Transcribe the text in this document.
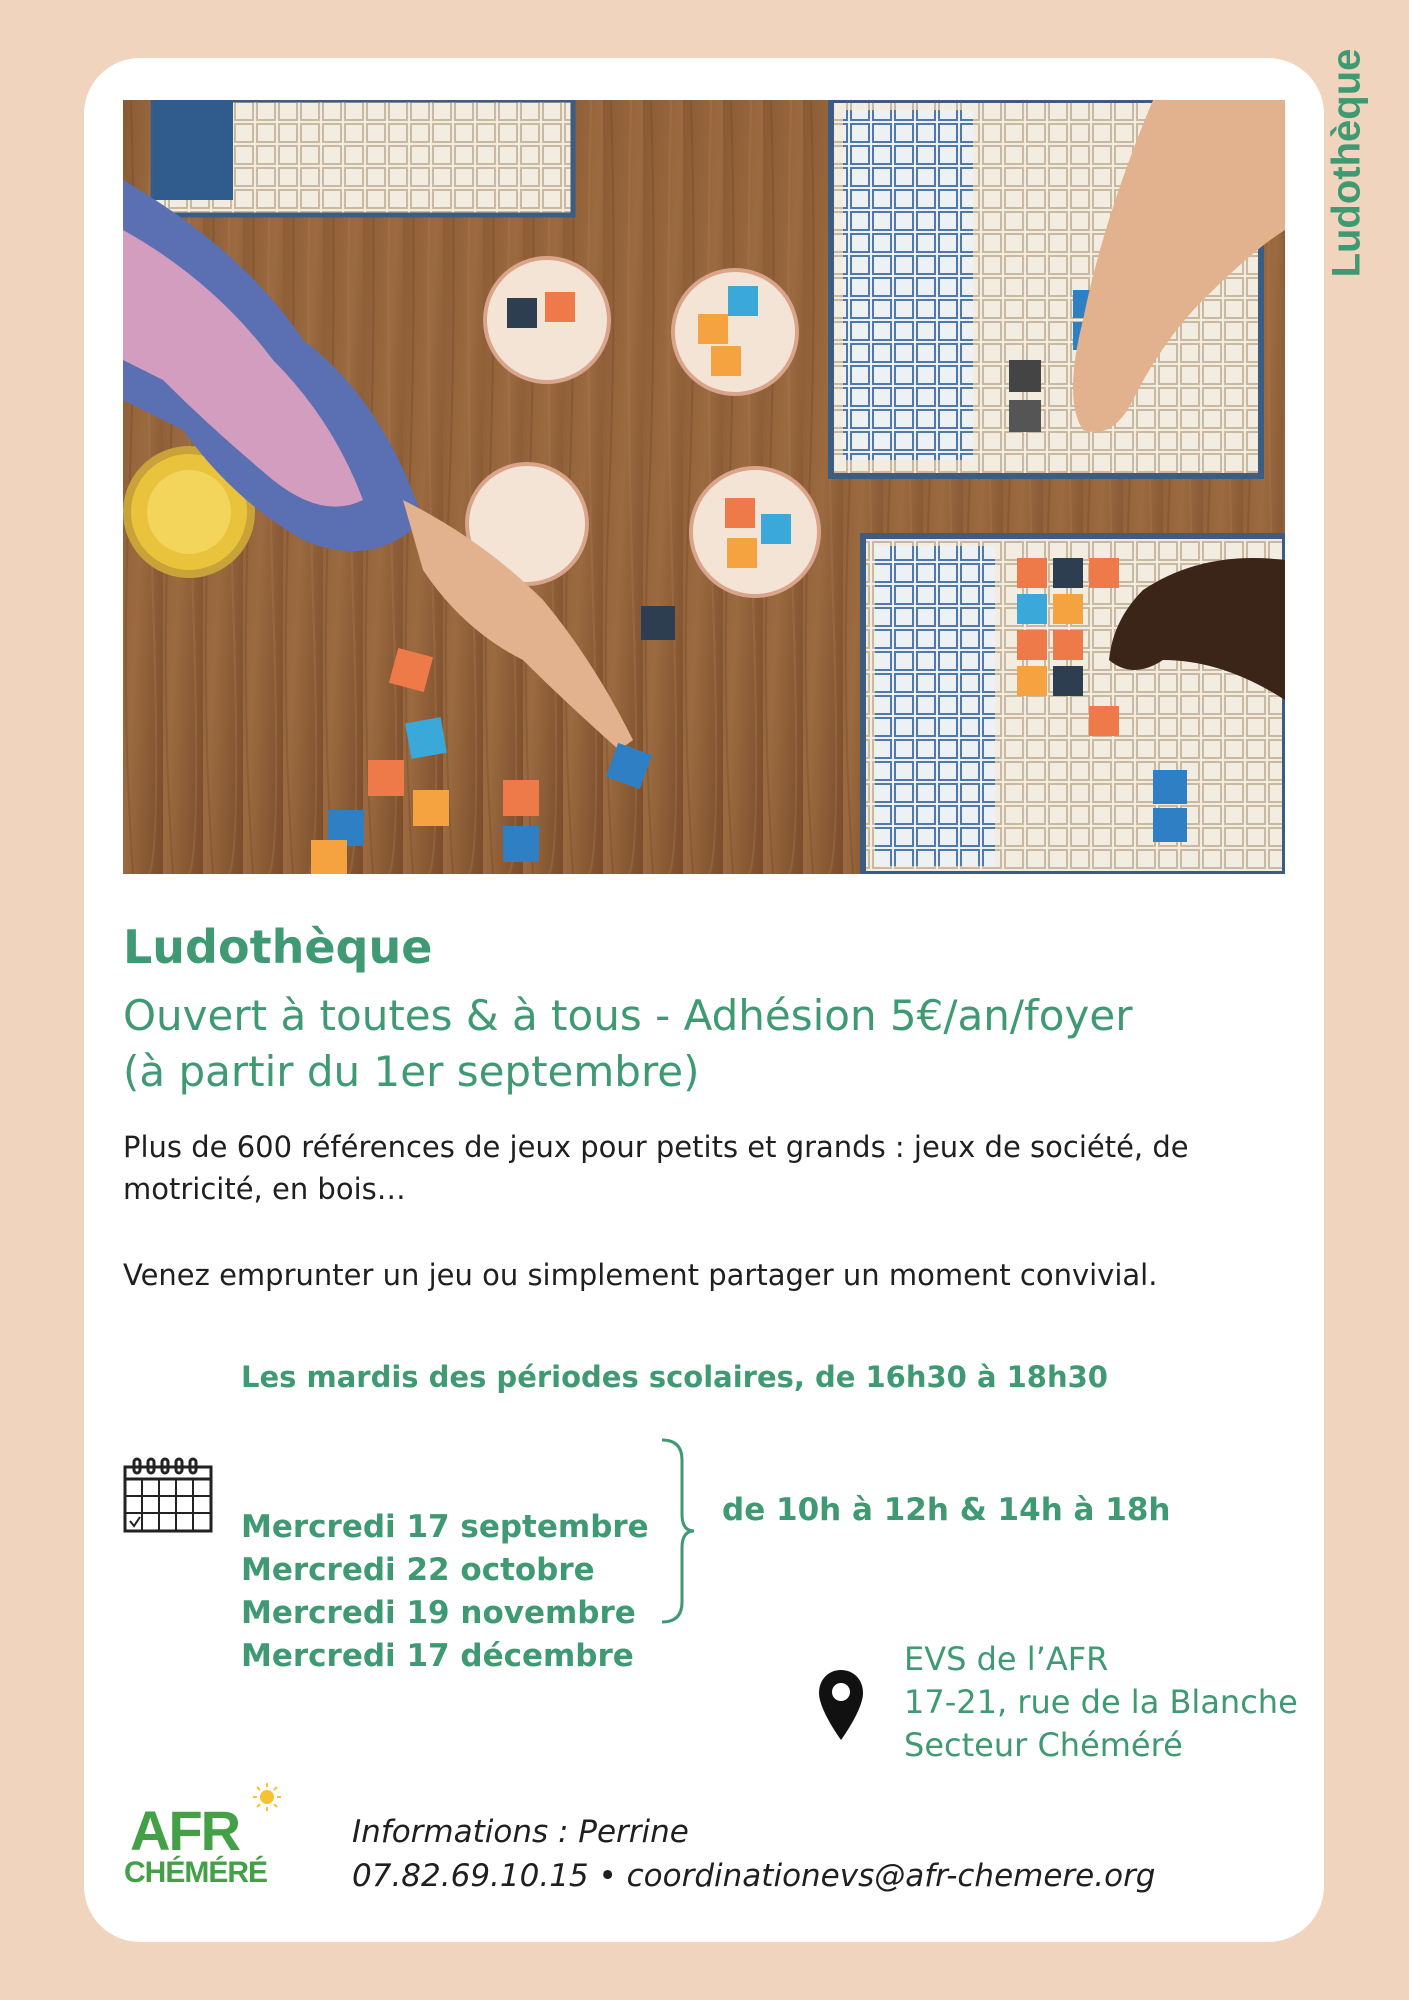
Ludothèque
Ludothèque
Ouvert à toutes & à tous - Adhésion 5€/an/foyer
(à partir du 1er septembre)
Plus de 600 références de jeux pour petits et grands : jeux de société, de motricité, en bois…
Venez emprunter un jeu ou simplement partager un moment convivial.
Les mardis des périodes scolaires, de 16h30 à 18h30
Mercredi 17 septembre
Mercredi 22 octobre
Mercredi 19 novembre
Mercredi 17 décembre
de 10h à 12h & 14h à 18h
EVS de l’AFR
17-21, rue de la Blanche
Secteur Chéméré
AFR
CHÉMÉRÉ
Informations : Perrine
07.82.69.10.15 • coordinationevs@afr-chemere.org
